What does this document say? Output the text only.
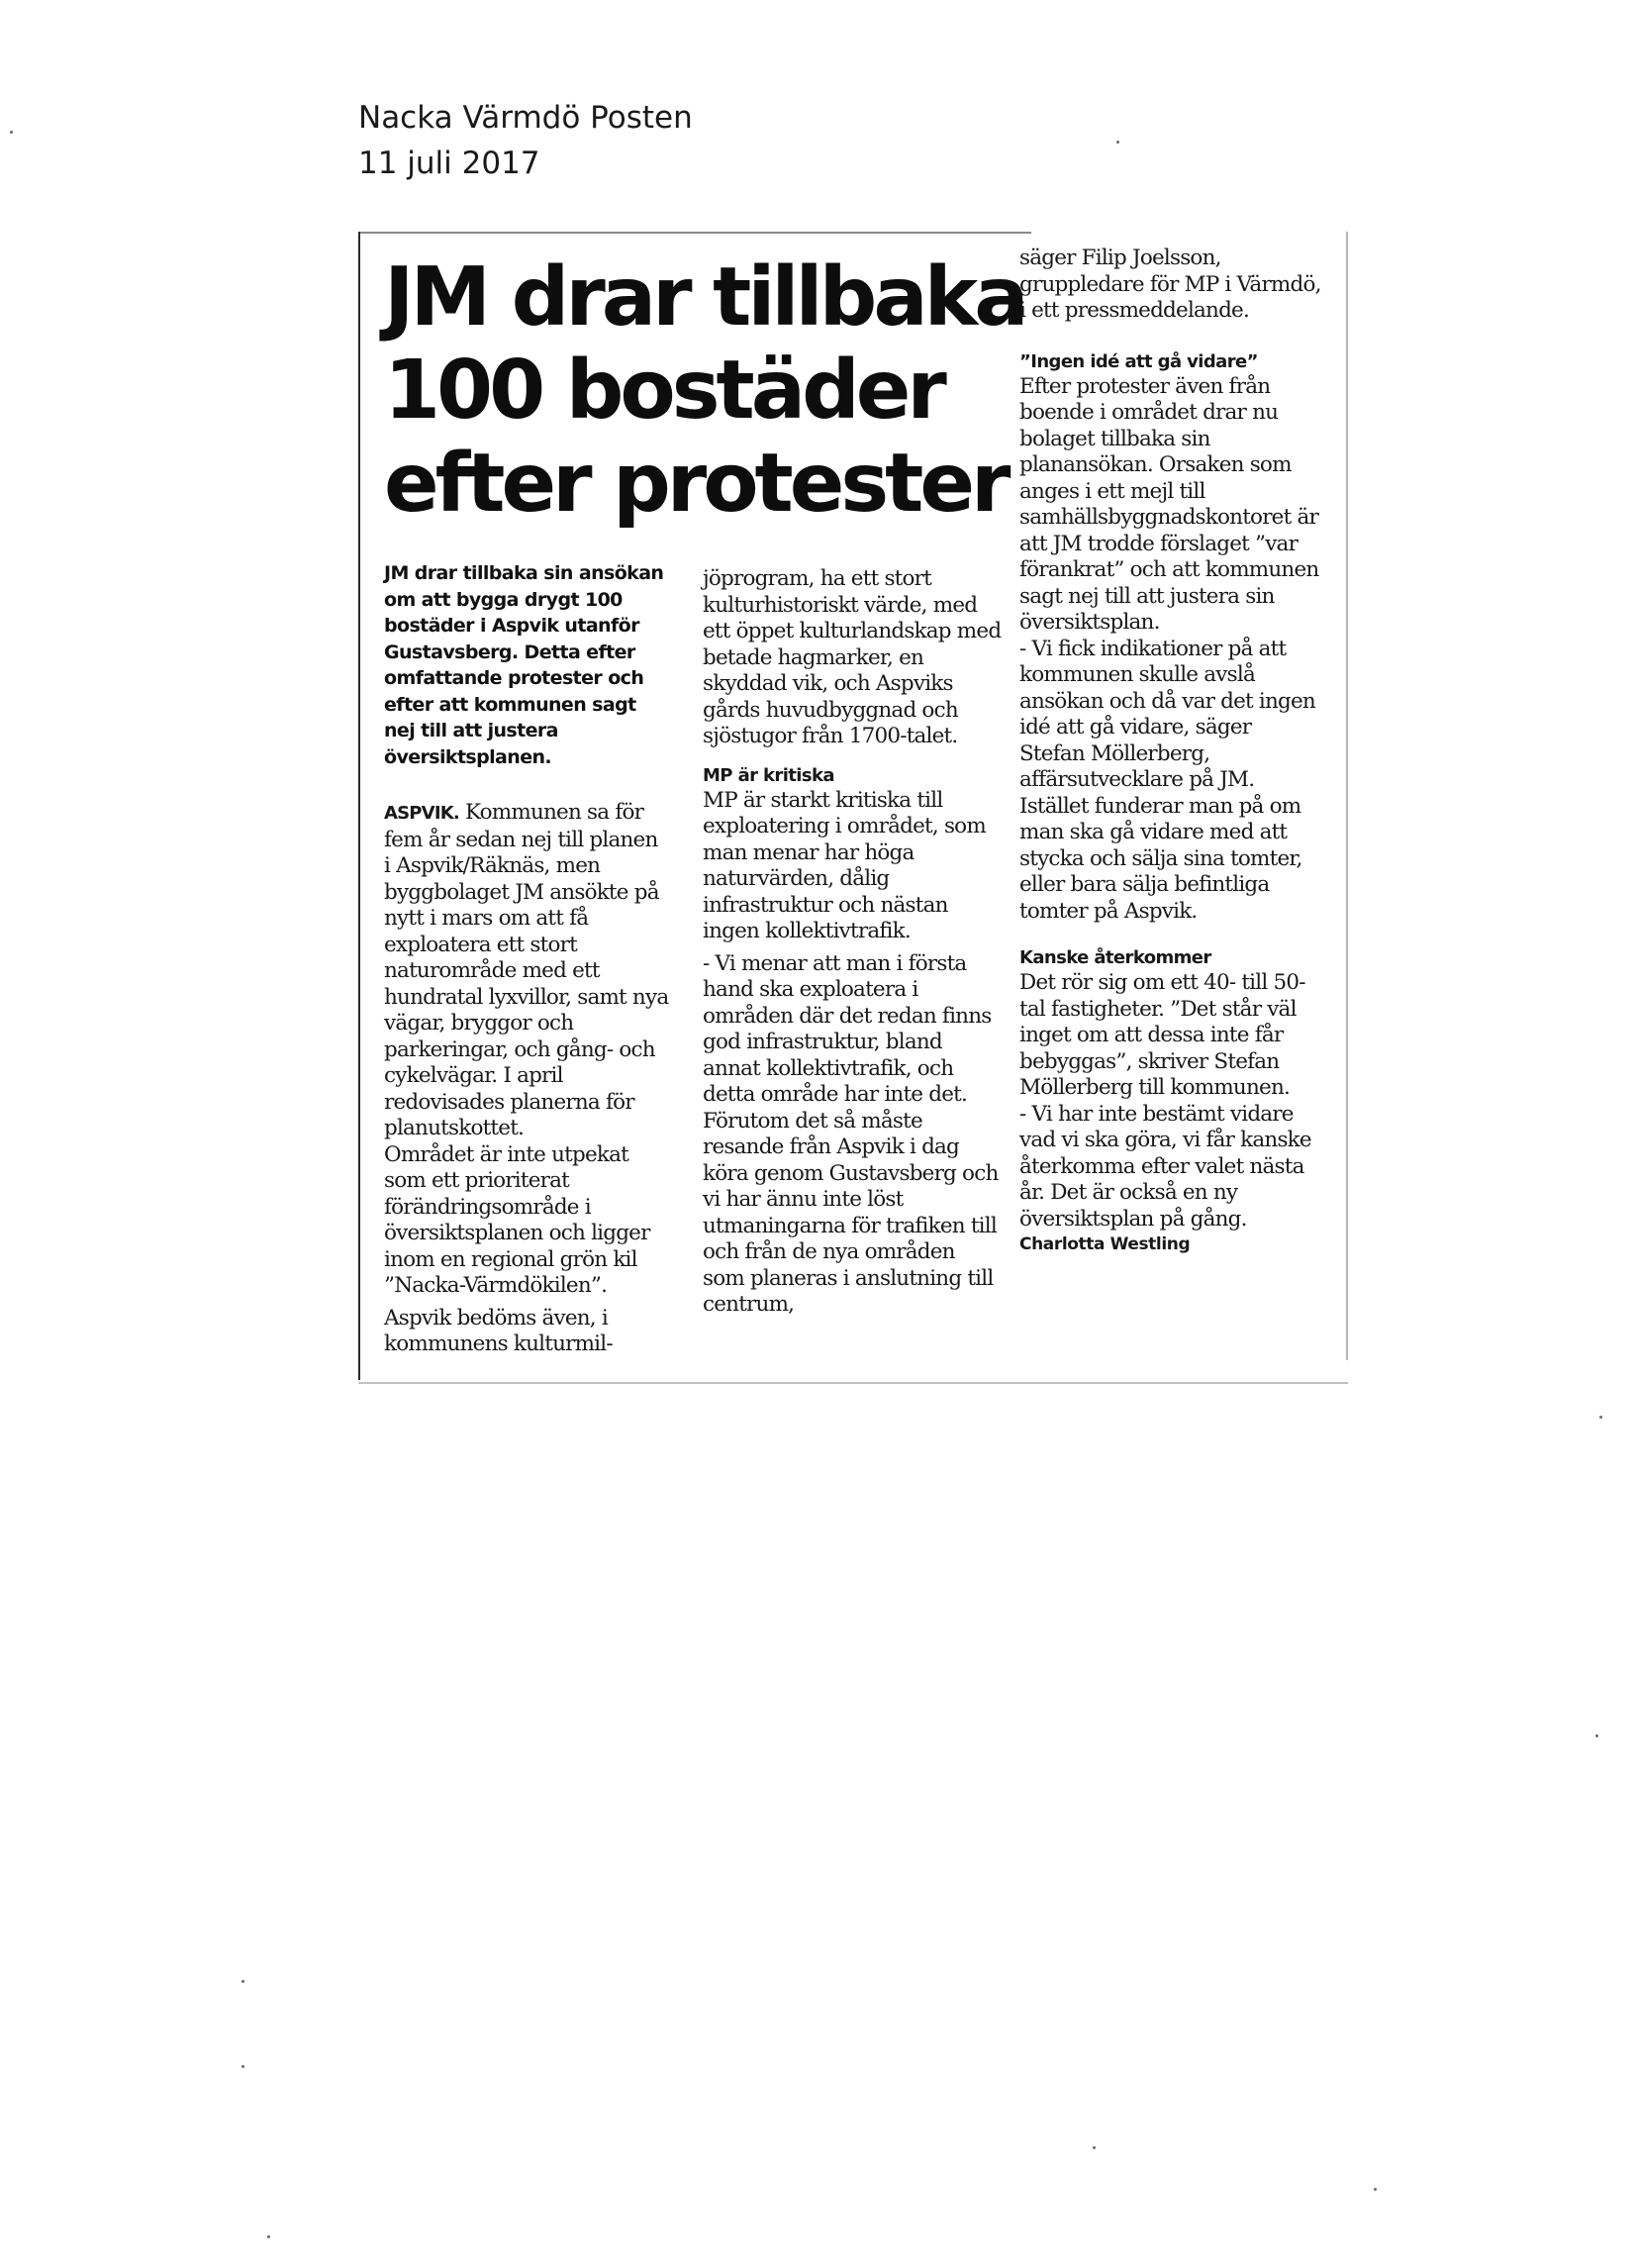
Nacka Värmdö Posten
11 juli 2017
JM drar tillbaka
100 bostäder
efter protester

JM drar tillbaka sin ansökan om att bygga drygt 100 bostäder i Aspvik utanför Gustavsberg. Detta efter omfattande protester och efter att kommunen sagt nej till att justera översiktsplanen.

ASPVIK. Kommunen sa för fem år sedan nej till planen i Aspvik/Räknäs, men byggbolaget JM ansökte på nytt i mars om att få exploatera ett stort naturområde med ett hundratal lyxvillor, samt nya vägar, bryggor och parkeringar, och gång- och cykelvägar. I april redovisades planerna för planutskottet.

Området är inte utpekat som ett prioriterat förändringsområde i översiktsplanen och ligger inom en regional grön kil ”Nacka-Värmdökilen”.

Aspvik bedöms även, i kommunens kulturmil-

jöprogram, ha ett stort kulturhistoriskt värde, med ett öppet kulturlandskap med betade hagmarker, en skyddad vik, och Aspviks gårds huvudbyggnad och sjöstugor från 1700-talet.

MP är kritiska

MP är starkt kritiska till exploatering i området, som man menar har höga naturvärden, dålig infrastruktur och nästan ingen kollektivtrafik.

- Vi menar att man i första hand ska exploatera i områden där det redan finns god infrastruktur, bland annat kollektivtrafik, och detta område har inte det. Förutom det så måste resande från Aspvik i dag köra genom Gustavsberg och vi har ännu inte löst utmaningarna för trafiken till och från de nya områden som planeras i anslutning till centrum,

säger Filip Joelsson, gruppledare för MP i Värmdö, i ett pressmeddelande.

”Ingen idé att gå vidare”

Efter protester även från boende i området drar nu bolaget tillbaka sin planansökan. Orsaken som anges i ett mejl till samhällsbyggnadskontoret är att JM trodde förslaget ”var förankrat” och att kommunen sagt nej till att justera sin översiktsplan.

- Vi fick indikationer på att kommunen skulle avslå ansökan och då var det ingen idé att gå vidare, säger Stefan Möllerberg, affärsutvecklare på JM.

Istället funderar man på om man ska gå vidare med att stycka och sälja sina tomter, eller bara sälja befintliga tomter på Aspvik.

Kanske återkommer

Det rör sig om ett 40- till 50-tal fastigheter. ”Det står väl inget om att dessa inte får bebyggas”, skriver Stefan Möllerberg till kommunen.

- Vi har inte bestämt vidare vad vi ska göra, vi får kanske återkomma efter valet nästa år. Det är också en ny översiktsplan på gång.

Charlotta Westling
